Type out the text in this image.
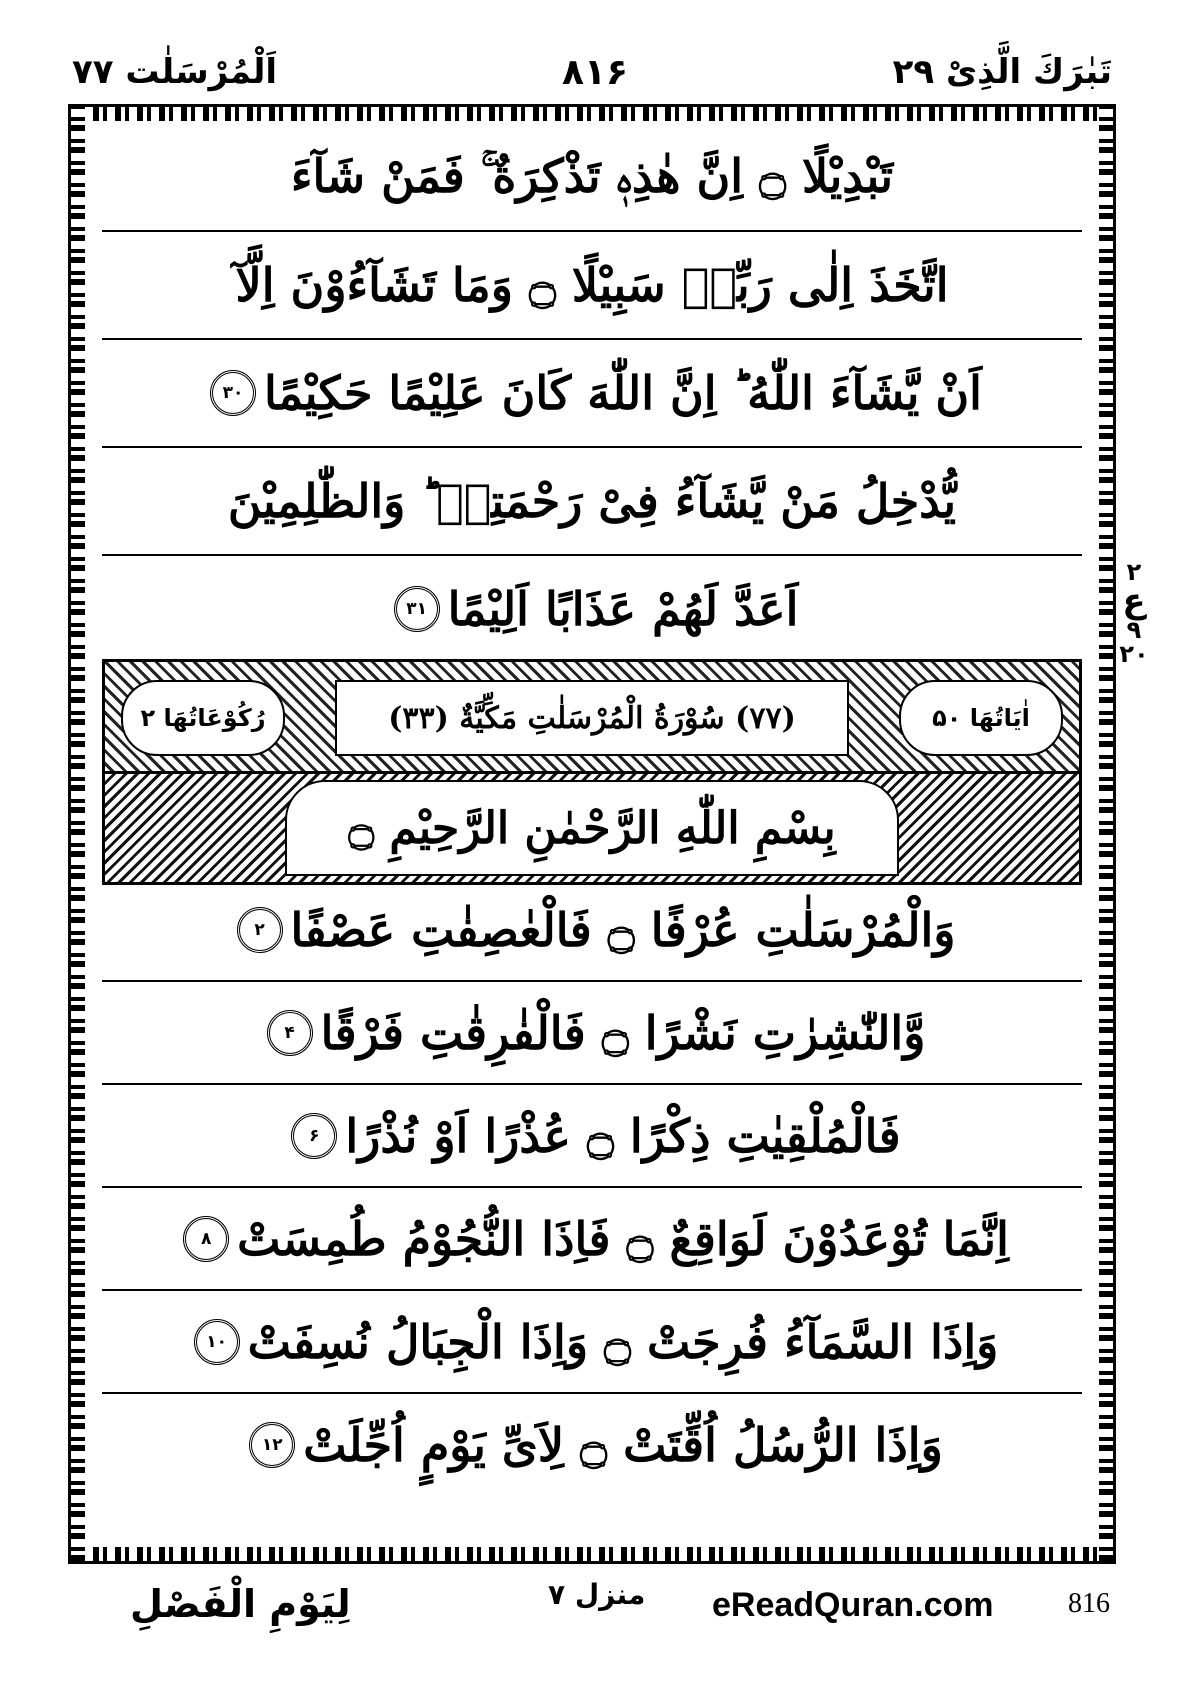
تَبٰرَكَ الَّذِیْ ۲۹
۸۱۶
اَلْمُرْسَلٰت ۷۷
تَبْدِیْلًا ۝ اِنَّ هٰذِهٖ تَذْكِرَةٌ ۚ فَمَنْ شَآءَ
اتَّخَذَ اِلٰی رَبِّهٖ سَبِیْلًا ۝ وَمَا تَشَآءُوْنَ اِلَّآ
اَنْ یَّشَآءَ اللّٰهُ ؕ اِنَّ اللّٰهَ كَانَ عَلِیْمًا حَكِیْمًا
۳۰
یُّدْخِلُ مَنْ یَّشَآءُ فِیْ رَحْمَتِهٖ ؕ وَالظّٰلِمِیْنَ
اَعَدَّ لَهُمْ عَذَابًا اَلِیْمًا
۳۱
اٰیَاتُهَا ۵۰
(۷۷) سُوْرَةُ الْمُرْسَلٰتِ مَكِّیَّةٌ (۳۳)
رُكُوْعَاتُهَا ۲
بِسْمِ اللّٰهِ الرَّحْمٰنِ الرَّحِیْمِ ۝
وَالْمُرْسَلٰتِ عُرْفًا ۝ فَالْعٰصِفٰتِ عَصْفًا
۲
وَّالنّٰشِرٰتِ نَشْرًا ۝ فَالْفٰرِقٰتِ فَرْقًا
۴
فَالْمُلْقِیٰتِ ذِكْرًا ۝ عُذْرًا اَوْ نُذْرًا
۶
اِنَّمَا تُوْعَدُوْنَ لَوَاقِعٌ ۝ فَاِذَا النُّجُوْمُ طُمِسَتْ
۸
وَاِذَا السَّمَآءُ فُرِجَتْ ۝ وَاِذَا الْجِبَالُ نُسِفَتْ
۱۰
وَاِذَا الرُّسُلُ اُقِّتَتْ ۝ لِاَیِّ یَوْمٍ اُجِّلَتْ
۱۲
۲
ع
۹
۲۰
لِیَوْمِ الْفَصْلِ	منزل ۷ eReadQuran.com	816
